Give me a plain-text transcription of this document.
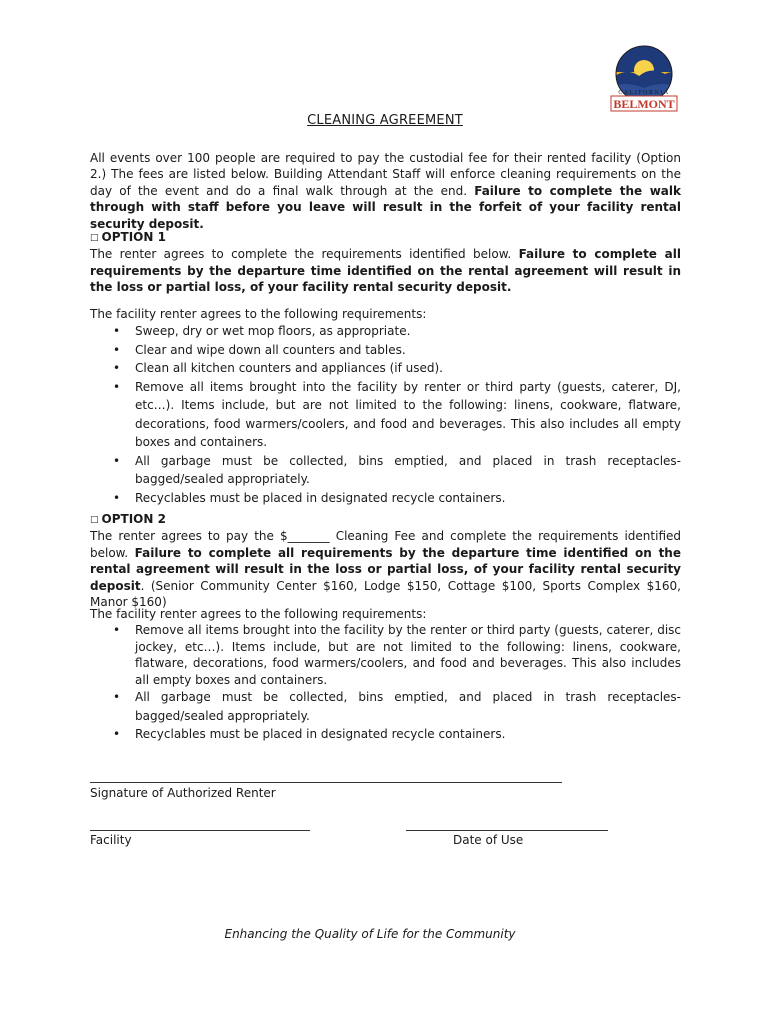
CALIFORNIA
BELMONT
CLEANING AGREEMENT
All events over 100 people are required to pay the custodial fee for their rented facility (Option 2.) The fees are listed below. Building Attendant Staff will enforce cleaning requirements on the day of the event and do a final walk through at the end. Failure to complete the walk through with staff before you leave will result in the forfeit of your facility rental security deposit.
□ OPTION 1
The renter agrees to complete the requirements identified below. Failure to complete all requirements by the departure time identified on the rental agreement will result in the loss or partial loss, of your facility rental security deposit.
The facility renter agrees to the following requirements:
• Sweep, dry or wet mop floors, as appropriate.
• Clear and wipe down all counters and tables.
• Clean all kitchen counters and appliances (if used).
• Remove all items brought into the facility by renter or third party (guests, caterer, DJ, etc…). Items include, but are not limited to the following: linens, cookware, flatware, decorations, food warmers/coolers, and food and beverages. This also includes all empty boxes and containers.
• All garbage must be collected, bins emptied, and placed in trash receptacles-bagged/sealed appropriately.
• Recyclables must be placed in designated recycle containers.
□ OPTION 2
The renter agrees to pay the $_______ Cleaning Fee and complete the requirements identified below. Failure to complete all requirements by the departure time identified on the rental agreement will result in the loss or partial loss, of your facility rental security deposit. (Senior Community Center $160, Lodge $150, Cottage $100, Sports Complex $160, Manor $160)
The facility renter agrees to the following requirements:
• Remove all items brought into the facility by the renter or third party (guests, caterer, disc jockey, etc…). Items include, but are not limited to the following: linens, cookware, flatware, decorations, food warmers/coolers, and food and beverages. This also includes all empty boxes and containers.
• All garbage must be collected, bins emptied, and placed in trash receptacles-bagged/sealed appropriately.
• Recyclables must be placed in designated recycle containers.
Signature of Authorized Renter
Facility	Date of Use
Enhancing the Quality of Life for the Community
